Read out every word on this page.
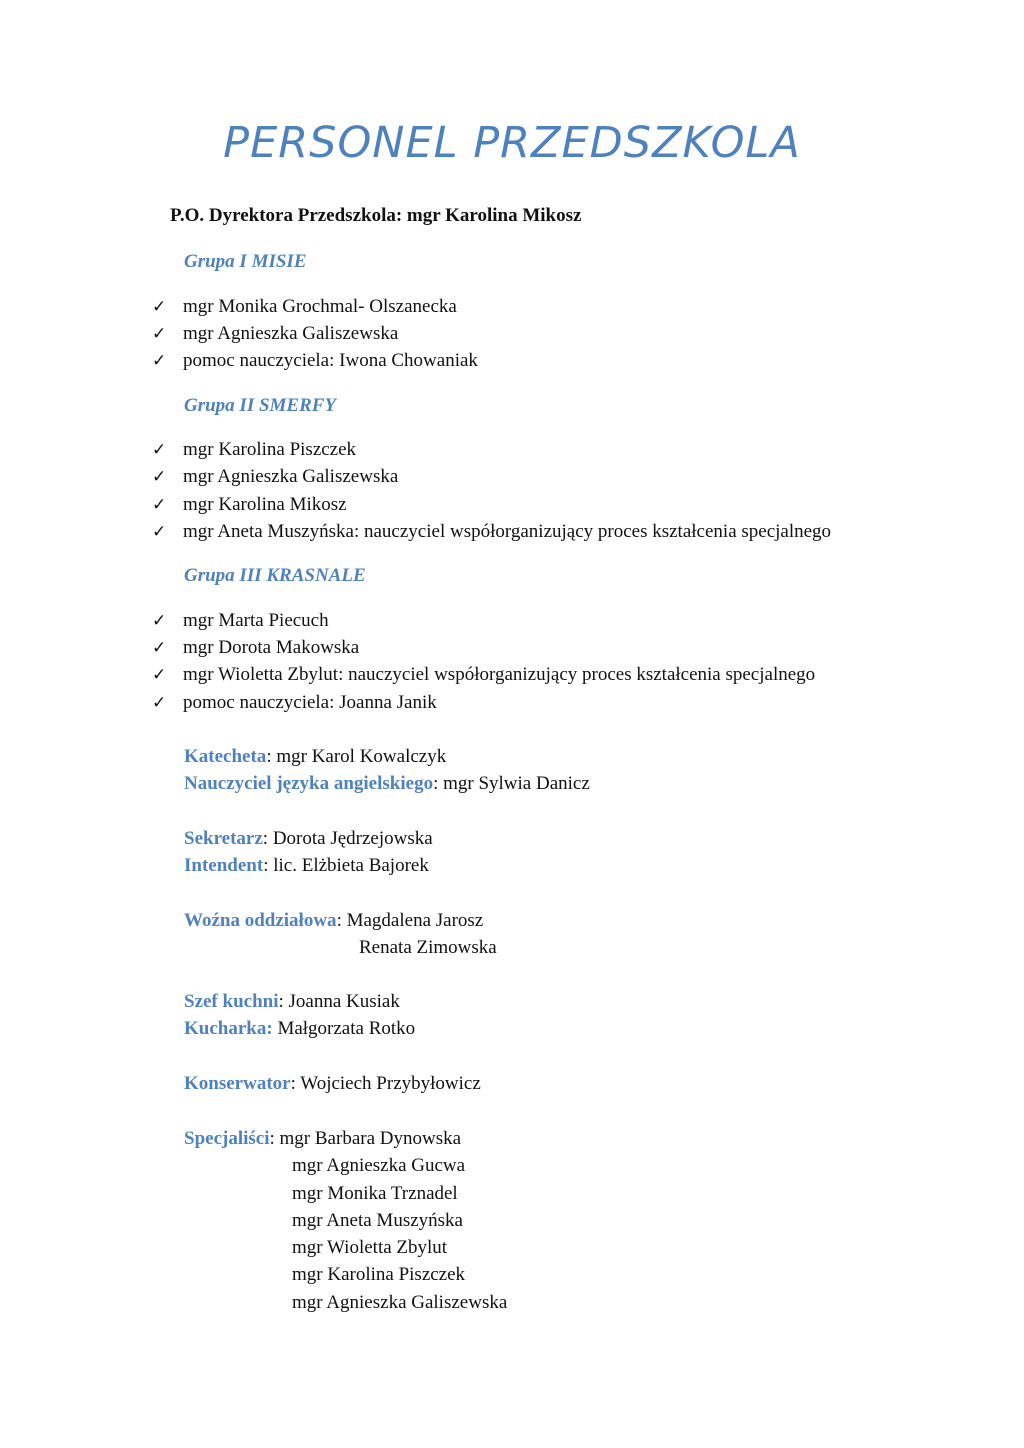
PERSONEL PRZEDSZKOLA
P.O. Dyrektora Przedszkola: mgr Karolina Mikosz
Grupa I MISIE
✓ mgr Monika Grochmal- Olszanecka
✓ mgr Agnieszka Galiszewska
✓ pomoc nauczyciela: Iwona Chowaniak
Grupa II SMERFY
✓ mgr Karolina Piszczek
✓ mgr Agnieszka Galiszewska
✓ mgr Karolina Mikosz
✓ mgr Aneta Muszyńska: nauczyciel współorganizujący proces kształcenia specjalnego
Grupa III KRASNALE
✓ mgr Marta Piecuch
✓ mgr Dorota Makowska
✓ mgr Wioletta Zbylut: nauczyciel współorganizujący proces kształcenia specjalnego
✓ pomoc nauczyciela: Joanna Janik
Katecheta: mgr Karol Kowalczyk
Nauczyciel języka angielskiego: mgr Sylwia Danicz
Sekretarz: Dorota Jędrzejowska
Intendent: lic. Elżbieta Bajorek
Woźna oddziałowa: Magdalena Jarosz
Renata Zimowska
Szef kuchni: Joanna Kusiak
Kucharka: Małgorzata Rotko
Konserwator: Wojciech Przybyłowicz
Specjaliści: mgr Barbara Dynowska
mgr Agnieszka Gucwa
mgr Monika Trznadel
mgr Aneta Muszyńska
mgr Wioletta Zbylut
mgr Karolina Piszczek
mgr Agnieszka Galiszewska
